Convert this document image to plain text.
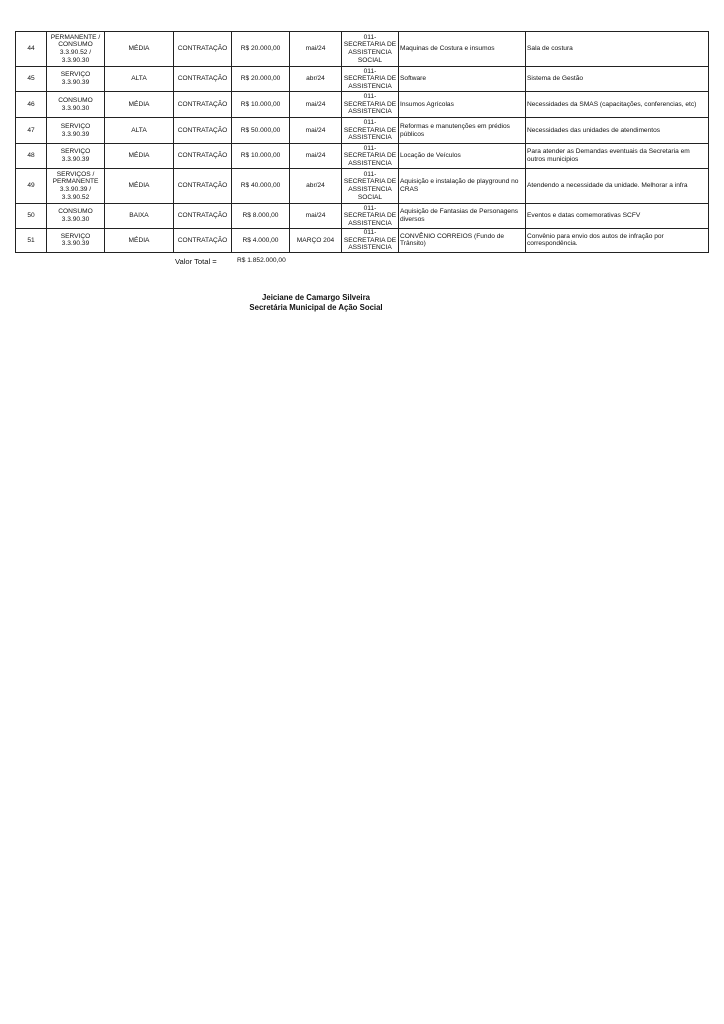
44	PERMANENTE / CONSUMO 3.3.90.52 / 3.3.90.30	MÉDIA	CONTRATAÇÃO	R$ 20.000,00	mai/24	011- SECRETARIA DE ASSISTENCIA SOCIAL	Maquinas de Costura e insumos	Sala de costura
45	SERVIÇO 3.3.90.39	ALTA	CONTRATAÇÃO	R$ 20.000,00	abr/24	011- SECRETARIA DE ASSISTENCIA	Software	Sistema de Gestão
46	CONSUMO 3.3.90.30	MÉDIA	CONTRATAÇÃO	R$ 10.000,00	mai/24	011- SECRETARIA DE ASSISTENCIA	Insumos Agrícolas	Necessidades da SMAS (capacitações, conferencias, etc)
47	SERVIÇO 3.3.90.39	ALTA	CONTRATAÇÃO	R$ 50.000,00	mai/24	011- SECRETARIA DE ASSISTENCIA	Reformas e manutenções em prédios públicos	Necessidades das unidades de atendimentos
48	SERVIÇO 3.3.90.39	MÉDIA	CONTRATAÇÃO	R$ 10.000,00	mai/24	011- SECRETARIA DE ASSISTENCIA	Locação de Veículos	Para atender as Demandas eventuais da Secretaria em outros municipios
49	SERVIÇOS / PERMANENTE 3.3.90.39 / 3.3.90.52	MÉDIA	CONTRATAÇÃO	R$ 40.000,00	abr/24	011- SECRETARIA DE ASSISTENCIA SOCIAL	Aquisição e instalação de playground no CRAS	Atendendo a necessidade da unidade. Melhorar a infra
50	CONSUMO 3.3.90.30	BAIXA	CONTRATAÇÃO	R$ 8.000,00	mai/24	011- SECRETARIA DE ASSISTENCIA	Aquisição de Fantasias de Personagens diversos	Eventos e datas comemorativas SCFV
51	SERVIÇO 3.3.90.39	MÉDIA	CONTRATAÇÃO	R$ 4.000,00	MARÇO 204	011- SECRETARIA DE ASSISTENCIA	CONVÊNIO CORREIOS (Fundo de Trânsito)	Convênio para envio dos autos de infração por correspondência.
Valor Total =	R$ 1.852.000,00
Jeiciane de Camargo Silveira
Secretária Municipal de Ação Social
